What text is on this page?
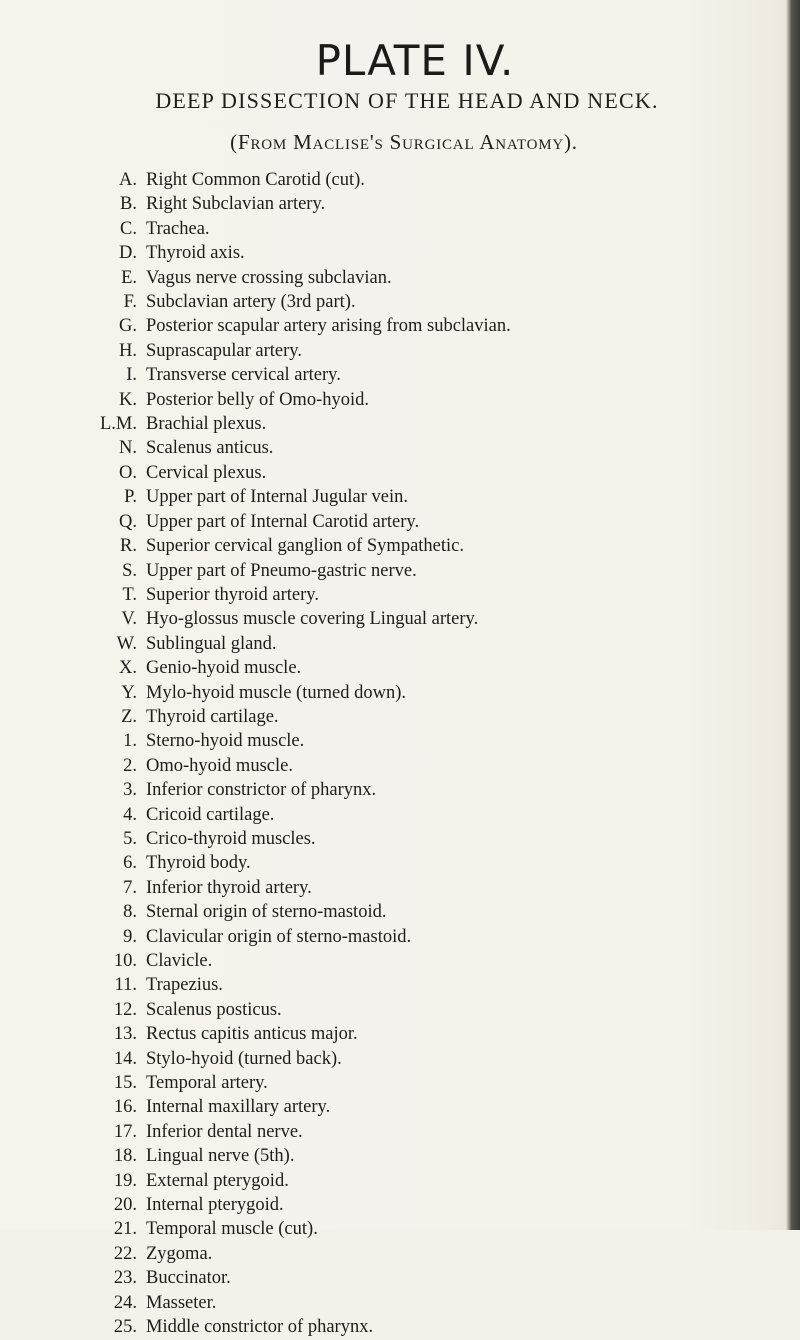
PLATE IV.
DEEP DISSECTION OF THE HEAD AND NECK.

(From Maclise's Surgical Anatomy).

A. Right Common Carotid (cut).
B. Right Subclavian artery.
C. Trachea.
D. Thyroid axis.
E. Vagus nerve crossing subclavian.
F. Subclavian artery (3rd part).
G. Posterior scapular artery arising from subclavian.
H. Suprascapular artery.
I. Transverse cervical artery.
K. Posterior belly of Omo-hyoid.
L.M. Brachial plexus.
N. Scalenus anticus.
O. Cervical plexus.
P. Upper part of Internal Jugular vein.
Q. Upper part of Internal Carotid artery.
R. Superior cervical ganglion of Sympathetic.
S. Upper part of Pneumo-gastric nerve.
T. Superior thyroid artery.
V. Hyo-glossus muscle covering Lingual artery.
W. Sublingual gland.
X. Genio-hyoid muscle.
Y. Mylo-hyoid muscle (turned down).
Z. Thyroid cartilage.
1. Sterno-hyoid muscle.
2. Omo-hyoid muscle.
3. Inferior constrictor of pharynx.
4. Cricoid cartilage.
5. Crico-thyroid muscles.
6. Thyroid body.
7. Inferior thyroid artery.
8. Sternal origin of sterno-mastoid.
9. Clavicular origin of sterno-mastoid.
10. Clavicle.
11. Trapezius.
12. Scalenus posticus.
13. Rectus capitis anticus major.
14. Stylo-hyoid (turned back).
15. Temporal artery.
16. Internal maxillary artery.
17. Inferior dental nerve.
18. Lingual nerve (5th).
19. External pterygoid.
20. Internal pterygoid.
21. Temporal muscle (cut).
22. Zygoma.
23. Buccinator.
24. Masseter.
25. Middle constrictor of pharynx.
